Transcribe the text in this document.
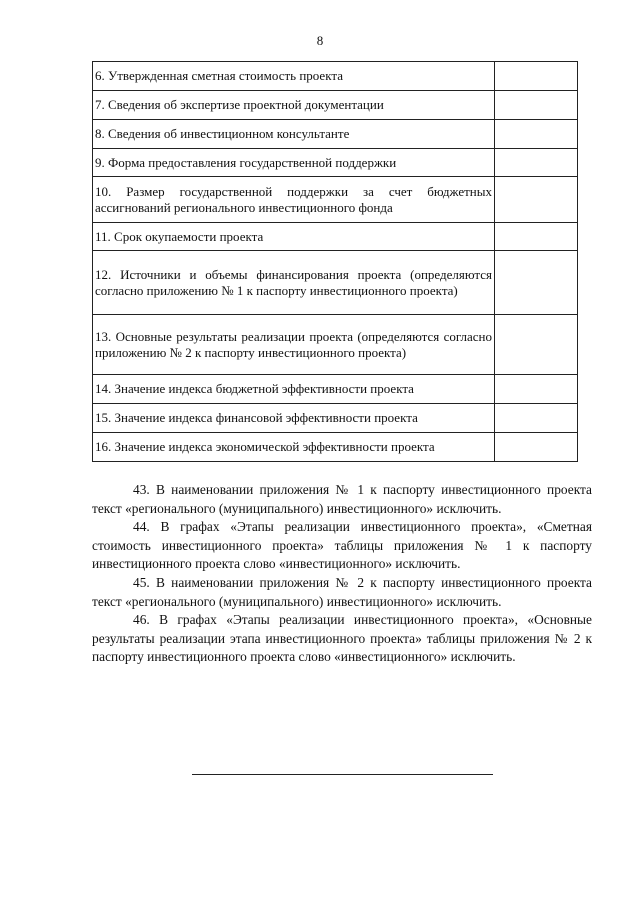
8
6. Утвержденная сметная стоимость проекта	
7. Сведения об экспертизе проектной документации	
8. Сведения об инвестиционном консультанте	
9. Форма предоставления государственной поддержки	
10. Размер государственной поддержки за счет бюджетных ассигнований регионального инвестиционного фонда	
11. Срок окупаемости проекта	
12. Источники и объемы финансирования проекта (определяются согласно приложению № 1 к паспорту инвестиционного проекта)	
13. Основные результаты реализации проекта (определяются согласно приложению № 2 к паспорту инвестиционного проекта)	
14. Значение индекса бюджетной эффективности проекта	
15. Значение индекса финансовой эффективности проекта	
16. Значение индекса экономической эффективности проекта	

43. В наименовании приложения № 1 к паспорту инвестиционного проекта текст «регионального (муниципального) инвестиционного» исключить.

44. В графах «Этапы реализации инвестиционного проекта», «Сметная стоимость инвестиционного проекта» таблицы приложения № 1 к паспорту инвестиционного проекта слово «инвестиционного» исключить.

45. В наименовании приложения № 2 к паспорту инвестиционного проекта текст «регионального (муниципального) инвестиционного» исключить.

46. В графах «Этапы реализации инвестиционного проекта», «Основные результаты реализации этапа инвестиционного проекта» таблицы приложения № 2 к паспорту инвестиционного проекта слово «инвестиционного» исключить.
